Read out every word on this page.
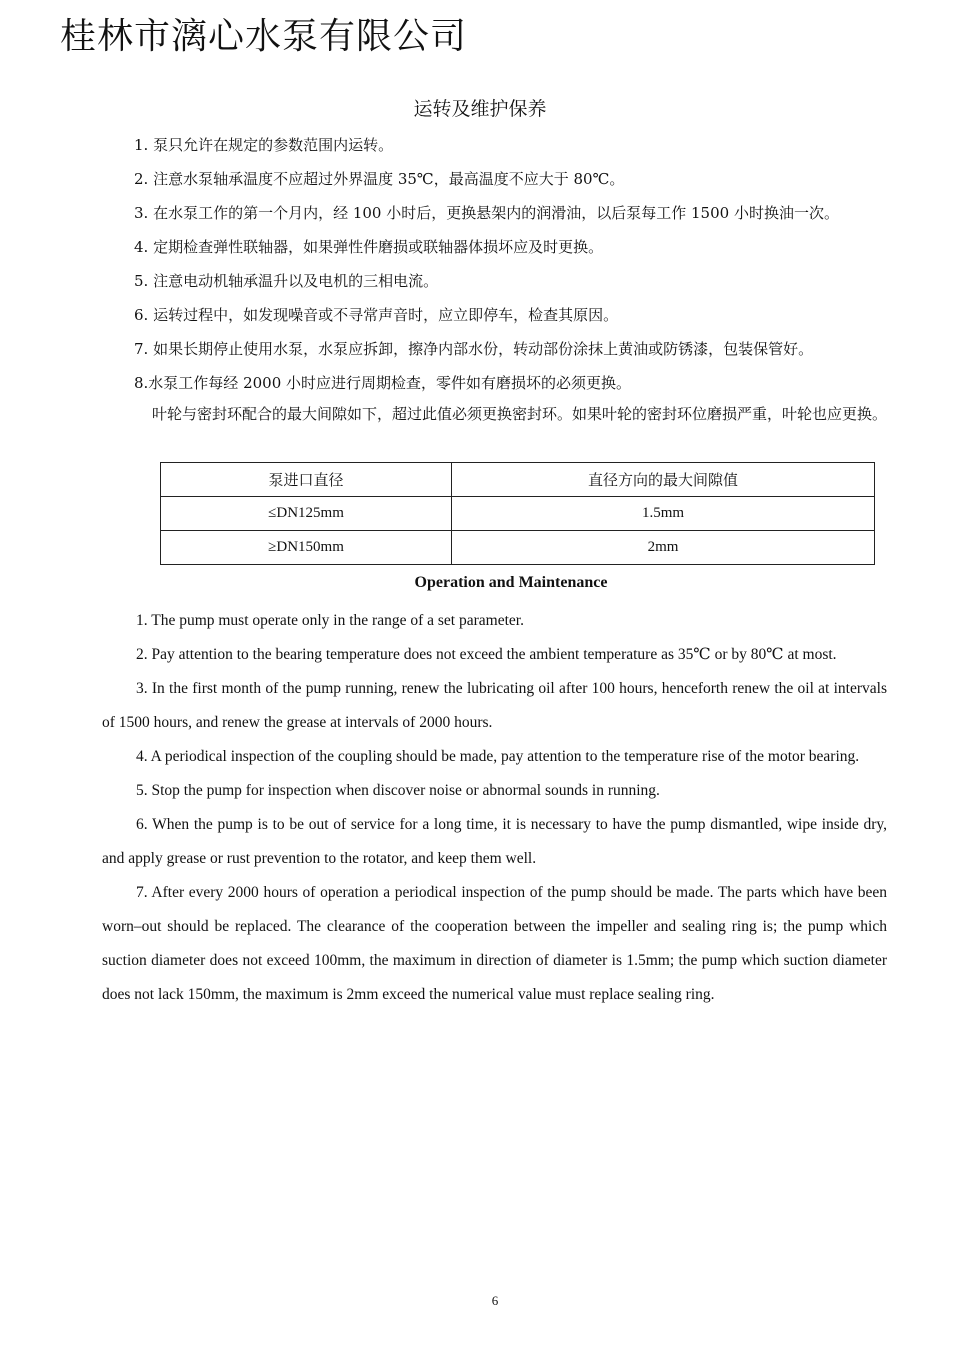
桂林市漓心水泵有限公司
运转及维护保养
1. 泵只允许在规定的参数范围内运转。
2. 注意水泵轴承温度不应超过外界温度 35℃，最高温度不应大于 80℃。
3. 在水泵工作的第一个月内，经 100 小时后，更换悬架内的润滑油，以后泵每工作 1500 小时换油一次。
4. 定期检查弹性联轴器，如果弹性件磨损或联轴器体损坏应及时更换。
5. 注意电动机轴承温升以及电机的三相电流。
6. 运转过程中，如发现噪音或不寻常声音时，应立即停车，检查其原因。
7. 如果长期停止使用水泵，水泵应拆卸，擦净内部水份，转动部份涂抹上黄油或防锈漆，包装保管好。
8.水泵工作每经 2000 小时应进行周期检查，零件如有磨损坏的必须更换。
叶轮与密封环配合的最大间隙如下，超过此值必须更换密封环。如果叶轮的密封环位磨损严重，叶轮也应更换。
泵进口直径	直径方向的最大间隙值
≤DN125mm	1.5mm
≥DN150mm	2mm
Operation and Maintenance

1. The pump must operate only in the range of a set parameter.

2. Pay attention to the bearing temperature does not exceed the ambient temperature as 35℃ or by 80℃ at most.

3. In the first month of the pump running, renew the lubricating oil after 100 hours, henceforth renew the oil at intervals of 1500 hours, and renew the grease at intervals of 2000 hours.

4. A periodical inspection of the coupling should be made, pay attention to the temperature rise of the motor bearing.

5. Stop the pump for inspection when discover noise or abnormal sounds in running.

6. When the pump is to be out of service for a long time, it is necessary to have the pump dismantled, wipe inside dry, and apply grease or rust prevention to the rotator, and keep them well.

7. After every 2000 hours of operation a periodical inspection of the pump should be made. The parts which have been worn–out should be replaced. The clearance of the cooperation between the impeller and sealing ring is; the pump which suction diameter does not exceed 100mm, the maximum in direction of diameter is 1.5mm; the pump which suction diameter does not lack 150mm, the maximum is 2mm exceed the numerical value must replace sealing ring.

6
